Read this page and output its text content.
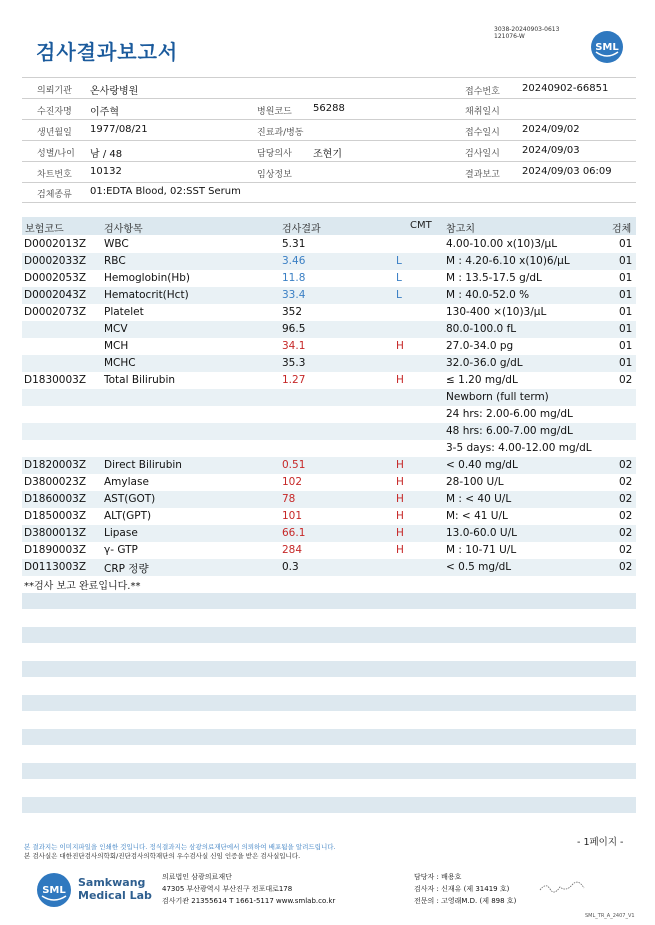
검사결과보고서
3038-20240903-0613
121076-W
SML
의뢰기관 온사랑병원	접수번호 20240902-66851
수진자명 이주혁	병원코드 56288	채취일시
생년월일 1977/08/21	진료과/병동	접수일시 2024/09/02
성별/나이 남 / 48	담당의사 조현기	검사일시 2024/09/03
차트번호 10132	임상정보	결과보고 2024/09/03 06:09
검체종류 01:EDTA Blood, 02:SST Serum
보험코드	검사항목	검사결과	CMT 참고치	검체
D0002013Z WBC	5.31	4.00-10.00 x(10)3/μL	01
D0002033Z RBC	3.46	L	M : 4.20-6.10 x(10)6/μL	01
D0002053Z Hemoglobin(Hb)	11.8	L	M : 13.5-17.5 g/dL	01
D0002043Z Hematocrit(Hct)	33.4	L	M : 40.0-52.0 %	01
D0002073Z Platelet	352	130-400 ×(10)3/μL	01
MCV	96.5	80.0-100.0 fL	01
MCH	34.1	H	27.0-34.0 pg	01
MCHC	35.3	32.0-36.0 g/dL	01
D1830003Z Total Bilirubin	1.27	H	≤ 1.20 mg/dL	02
Newborn (full term)
24 hrs: 2.00-6.00 mg/dL
48 hrs: 6.00-7.00 mg/dL
3-5 days: 4.00-12.00 mg/dL
D1820003Z Direct Bilirubin	0.51	H	< 0.40 mg/dL	02
D3800023Z Amylase	102	H	28-100 U/L	02
D1860003Z AST(GOT)	78	H	M : < 40 U/L	02
D1850003Z ALT(GPT)	101	H	M: < 41 U/L	02
D3800013Z Lipase	66.1	H	13.0-60.0 U/L	02
D1890003Z γ- GTP	284	H	M : 10-71 U/L	02
D0113003Z CRP 정량	0.3	< 0.5 mg/dL	02
**검사 보고 완료입니다.**
- 1페이지 -
본 결과지는 이미지파일을 인쇄한 것입니다. 정식결과지는 삼광의료재단에서 의뢰하여 배포됨을 알려드립니다.
본 검사실은 대한진단검사의학회/진단검사의학재단의 우수검사실 신임 인증을 받은 검사실입니다.
SML
Samkwang
Medical Lab
의료법인 삼광의료재단
47305 부산광역시 부산진구 전포대로178
검사기관 21355614 T 1661-5117 www.smlab.co.kr
담당자 : 배용호
검사자 : 신재유 (제 31419 호)
전문의 : 고영래M.D. (제 898 호)
SML_TR_A_2407_V1
